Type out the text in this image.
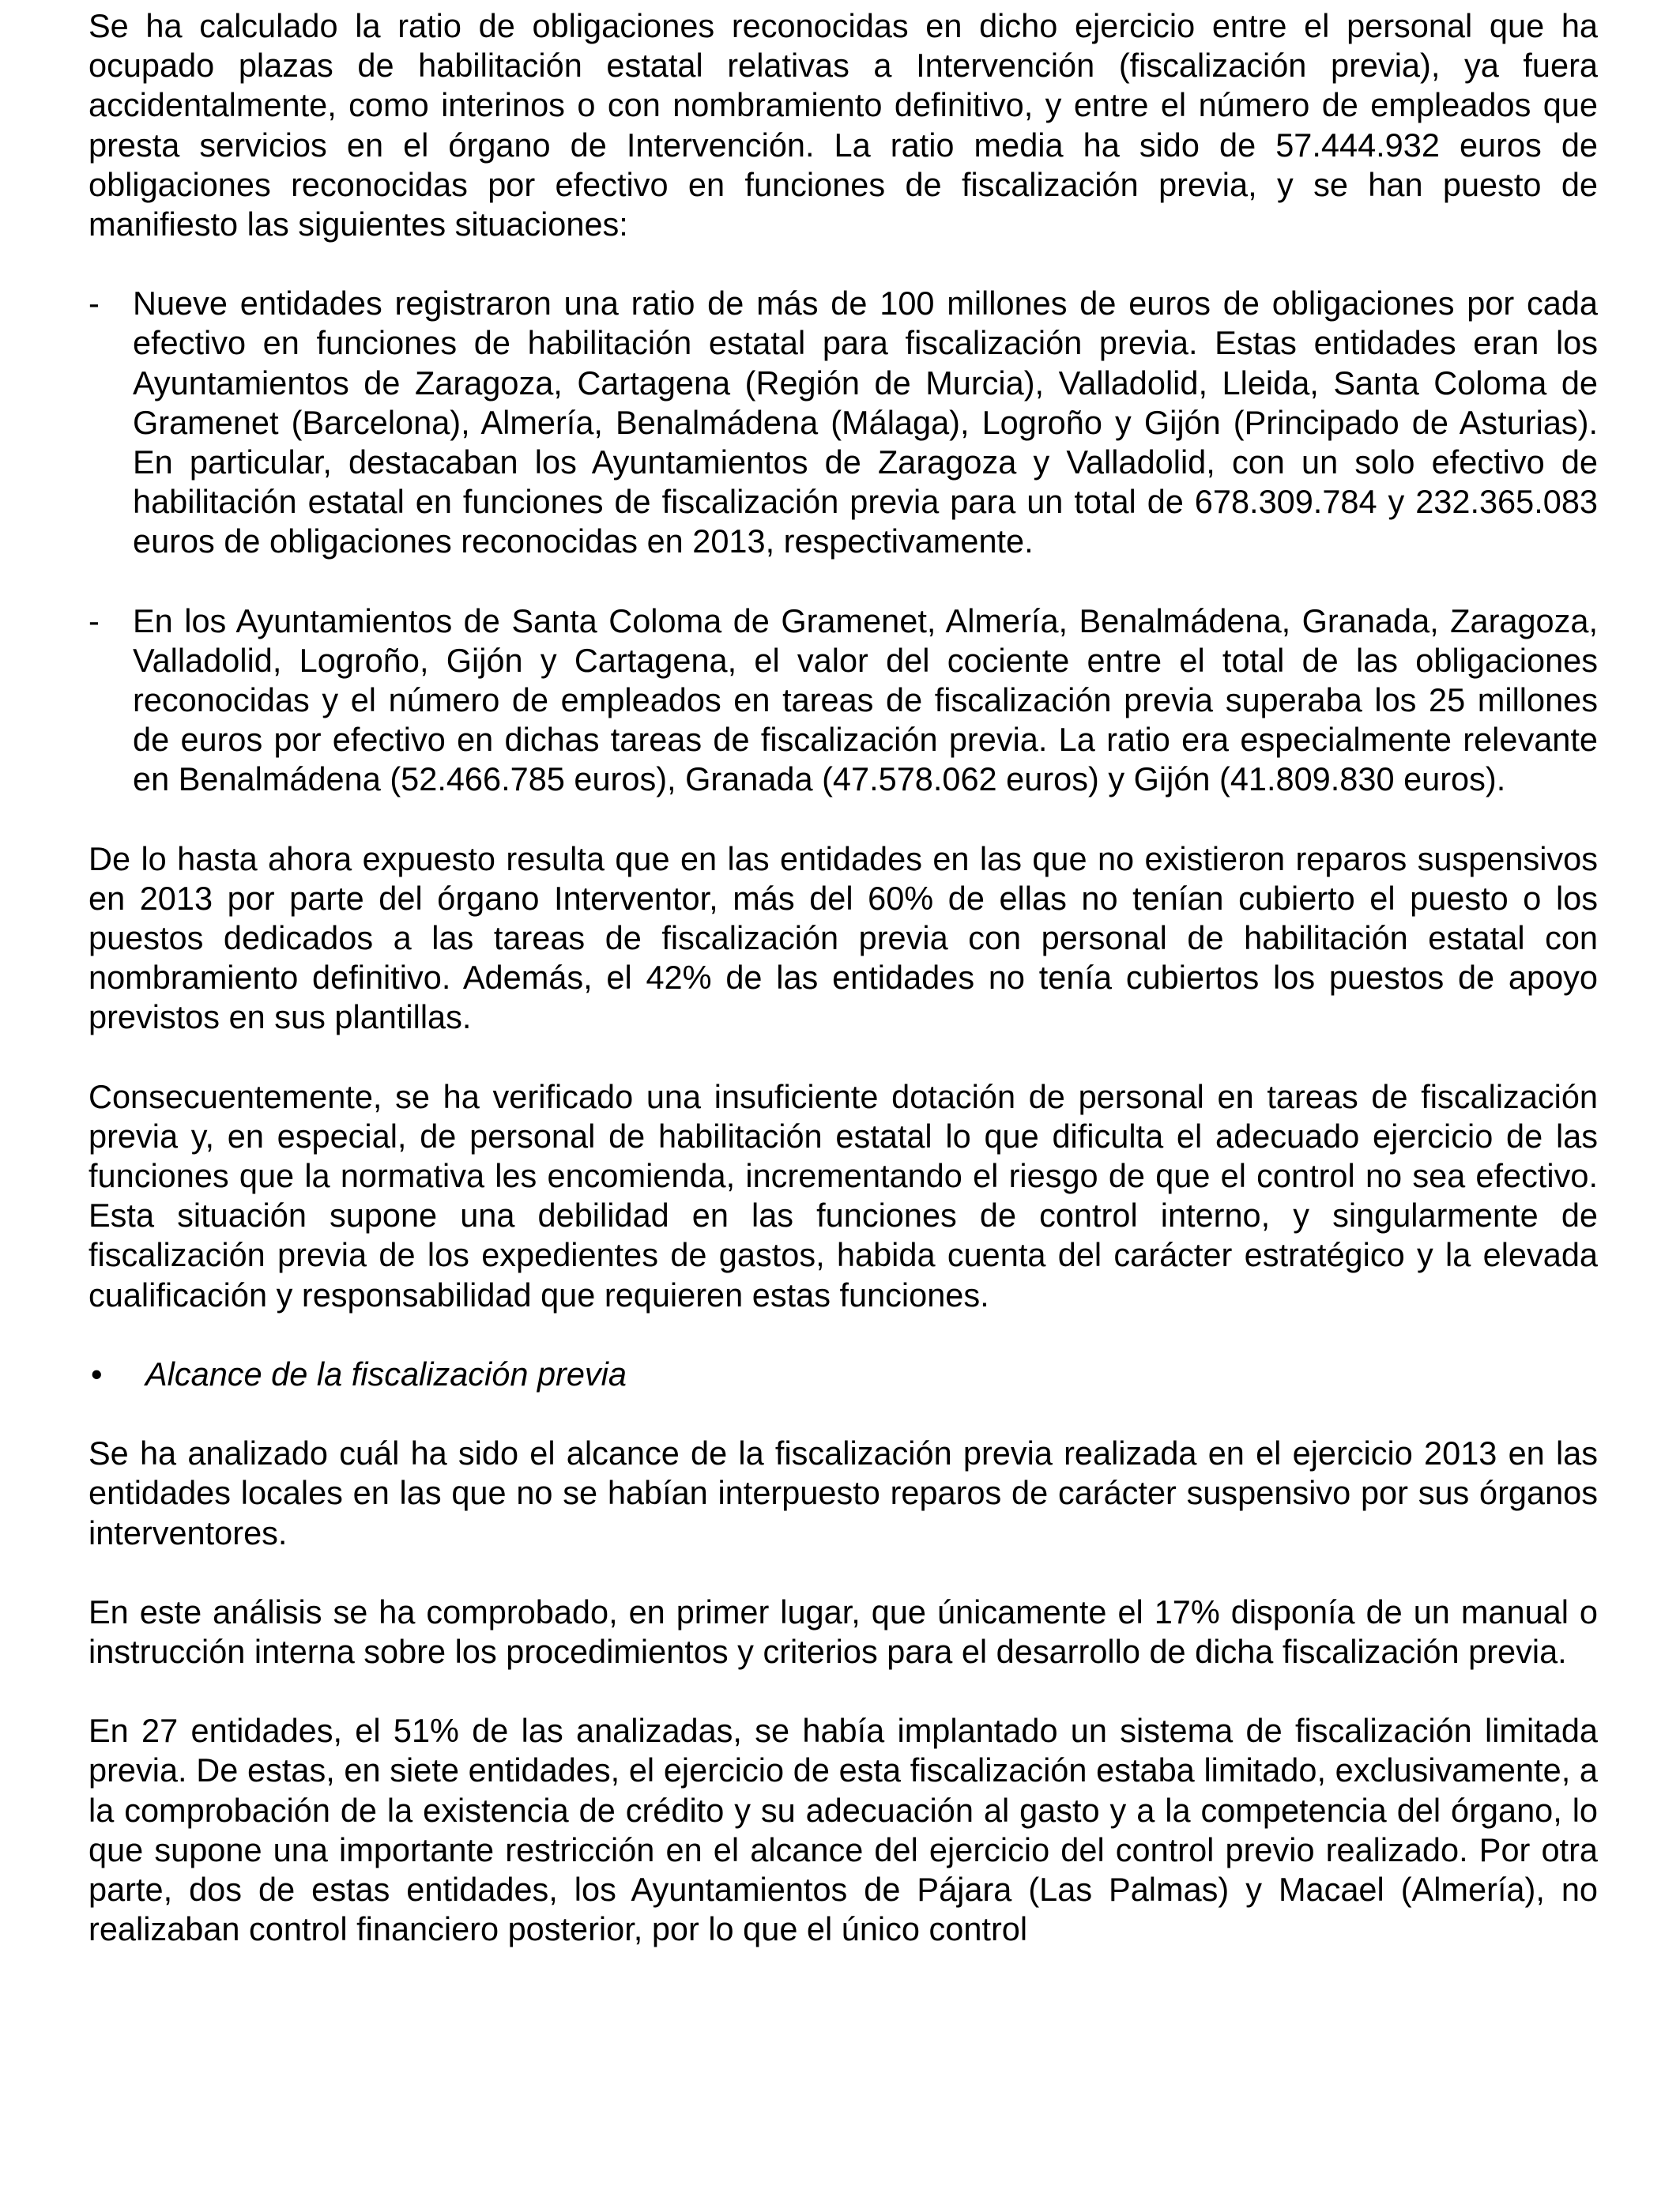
Se ha calculado la ratio de obligaciones reconocidas en dicho ejercicio entre el personal que ha ocupado plazas de habilitación estatal relativas a Intervención (fiscalización previa), ya fuera accidentalmente, como interinos o con nombramiento definitivo, y entre el número de empleados que presta servicios en el órgano de Intervención. La ratio media ha sido de 57.444.932 euros de obligaciones reconocidas por efectivo en funciones de fiscalización previa, y se han puesto de manifiesto las siguientes situaciones:

- Nueve entidades registraron una ratio de más de 100 millones de euros de obligaciones por cada efectivo en funciones de habilitación estatal para fiscalización previa. Estas entidades eran los Ayuntamientos de Zaragoza, Cartagena (Región de Murcia), Valladolid, Lleida, Santa Coloma de Gramenet (Barcelona), Almería, Benalmádena (Málaga), Logroño y Gijón (Principado de Asturias). En particular, destacaban los Ayuntamientos de Zaragoza y Valladolid, con un solo efectivo de habilitación estatal en funciones de fiscalización previa para un total de 678.309.784 y 232.365.083 euros de obligaciones reconocidas en 2013, respectivamente.
- En los Ayuntamientos de Santa Coloma de Gramenet, Almería, Benalmádena, Granada, Zaragoza, Valladolid, Logroño, Gijón y Cartagena, el valor del cociente entre el total de las obligaciones reconocidas y el número de empleados en tareas de fiscalización previa superaba los 25 millones de euros por efectivo en dichas tareas de fiscalización previa. La ratio era especialmente relevante en Benalmádena (52.466.785 euros), Granada (47.578.062 euros) y Gijón (41.809.830 euros).

De lo hasta ahora expuesto resulta que en las entidades en las que no existieron reparos suspensivos en 2013 por parte del órgano Interventor, más del 60% de ellas no tenían cubierto el puesto o los puestos dedicados a las tareas de fiscalización previa con personal de habilitación estatal con nombramiento definitivo. Además, el 42% de las entidades no tenía cubiertos los puestos de apoyo previstos en sus plantillas.

Consecuentemente, se ha verificado una insuficiente dotación de personal en tareas de fiscalización previa y, en especial, de personal de habilitación estatal lo que dificulta el adecuado ejercicio de las funciones que la normativa les encomienda, incrementando el riesgo de que el control no sea efectivo. Esta situación supone una debilidad en las funciones de control interno, y singularmente de fiscalización previa de los expedientes de gastos, habida cuenta del carácter estratégico y la elevada cualificación y responsabilidad que requieren estas funciones.

• Alcance de la fiscalización previa

Se ha analizado cuál ha sido el alcance de la fiscalización previa realizada en el ejercicio 2013 en las entidades locales en las que no se habían interpuesto reparos de carácter suspensivo por sus órganos interventores.

En este análisis se ha comprobado, en primer lugar, que únicamente el 17% disponía de un manual o instrucción interna sobre los procedimientos y criterios para el desarrollo de dicha fiscalización previa.

En 27 entidades, el 51% de las analizadas, se había implantado un sistema de fiscalización limitada previa. De estas, en siete entidades, el ejercicio de esta fiscalización estaba limitado, exclusivamente, a la comprobación de la existencia de crédito y su adecuación al gasto y a la competencia del órgano, lo que supone una importante restricción en el alcance del ejercicio del control previo realizado. Por otra parte, dos de estas entidades, los Ayuntamientos de Pájara (Las Palmas) y Macael (Almería), no realizaban control financiero posterior, por lo que el único control
